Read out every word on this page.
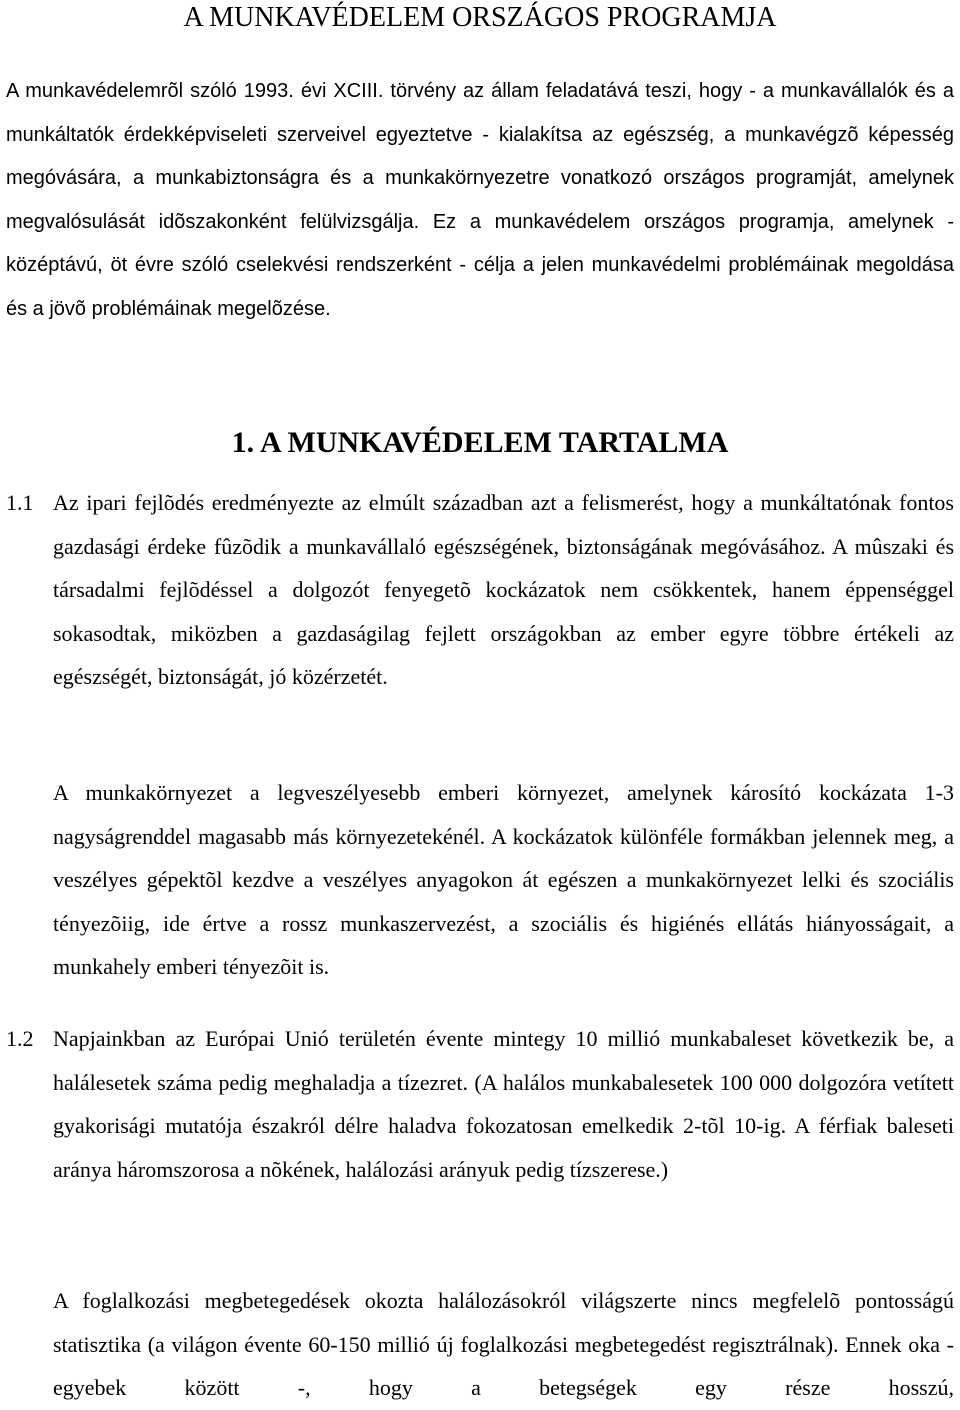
A MUNKAVÉDELEM ORSZÁGOS PROGRAMJA

A munkavédelemrõl szóló 1993. évi XCIII. törvény az állam feladatává teszi, hogy - a munkavállalók és a munkáltatók érdekképviseleti szerveivel egyeztetve - kialakítsa az egészség, a munkavégzõ képesség megóvására, a munkabiztonságra és a munkakörnyezetre vonatkozó országos programját, amelynek megvalósulását idõszakonként felülvizsgálja. Ez a munkavédelem országos programja, amelynek - középtávú, öt évre szóló cselekvési rendszerként - célja a jelen munkavédelmi problémáinak megoldása és a jövõ problémáinak megelõzése.

1. A MUNKAVÉDELEM TARTALMA
1.1 Az ipari fejlõdés eredményezte az elmúlt században azt a felismerést, hogy a munkáltatónak fontos gazdasági érdeke fûzõdik a munkavállaló egészségének, biztonságának megóvásához. A mûszaki és társadalmi fejlõdéssel a dolgozót fenyegetõ kockázatok nem csökkentek, hanem éppenséggel sokasodtak, miközben a gazdaságilag fejlett országokban az ember egyre többre értékeli az egészségét, biztonságát, jó közérzetét.

A munkakörnyezet a legveszélyesebb emberi környezet, amelynek károsító kockázata 1-3 nagyságrenddel magasabb más környezetekénél. A kockázatok különféle formákban jelennek meg, a veszélyes gépektõl kezdve a veszélyes anyagokon át egészen a munkakörnyezet lelki és szociális tényezõiig, ide értve a rossz munkaszervezést, a szociális és higiénés ellátás hiányosságait, a munkahely emberi tényezõit is.

1.2 Napjainkban az Európai Unió területén évente mintegy 10 millió munkabaleset következik be, a halálesetek száma pedig meghaladja a tízezret. (A halálos munkabalesetek 100 000 dolgozóra vetített gyakorisági mutatója északról délre haladva fokozatosan emelkedik 2-tõl 10-ig. A férfiak baleseti aránya háromszorosa a nõkének, halálozási arányuk pedig tízszerese.)

A foglalkozási megbetegedések okozta halálozásokról világszerte nincs megfelelõ pontosságú statisztika (a világon évente 60-150 millió új foglalkozási megbetegedést regisztrálnak). Ennek oka - egyebek között -, hogy a betegségek egy része hosszú,
